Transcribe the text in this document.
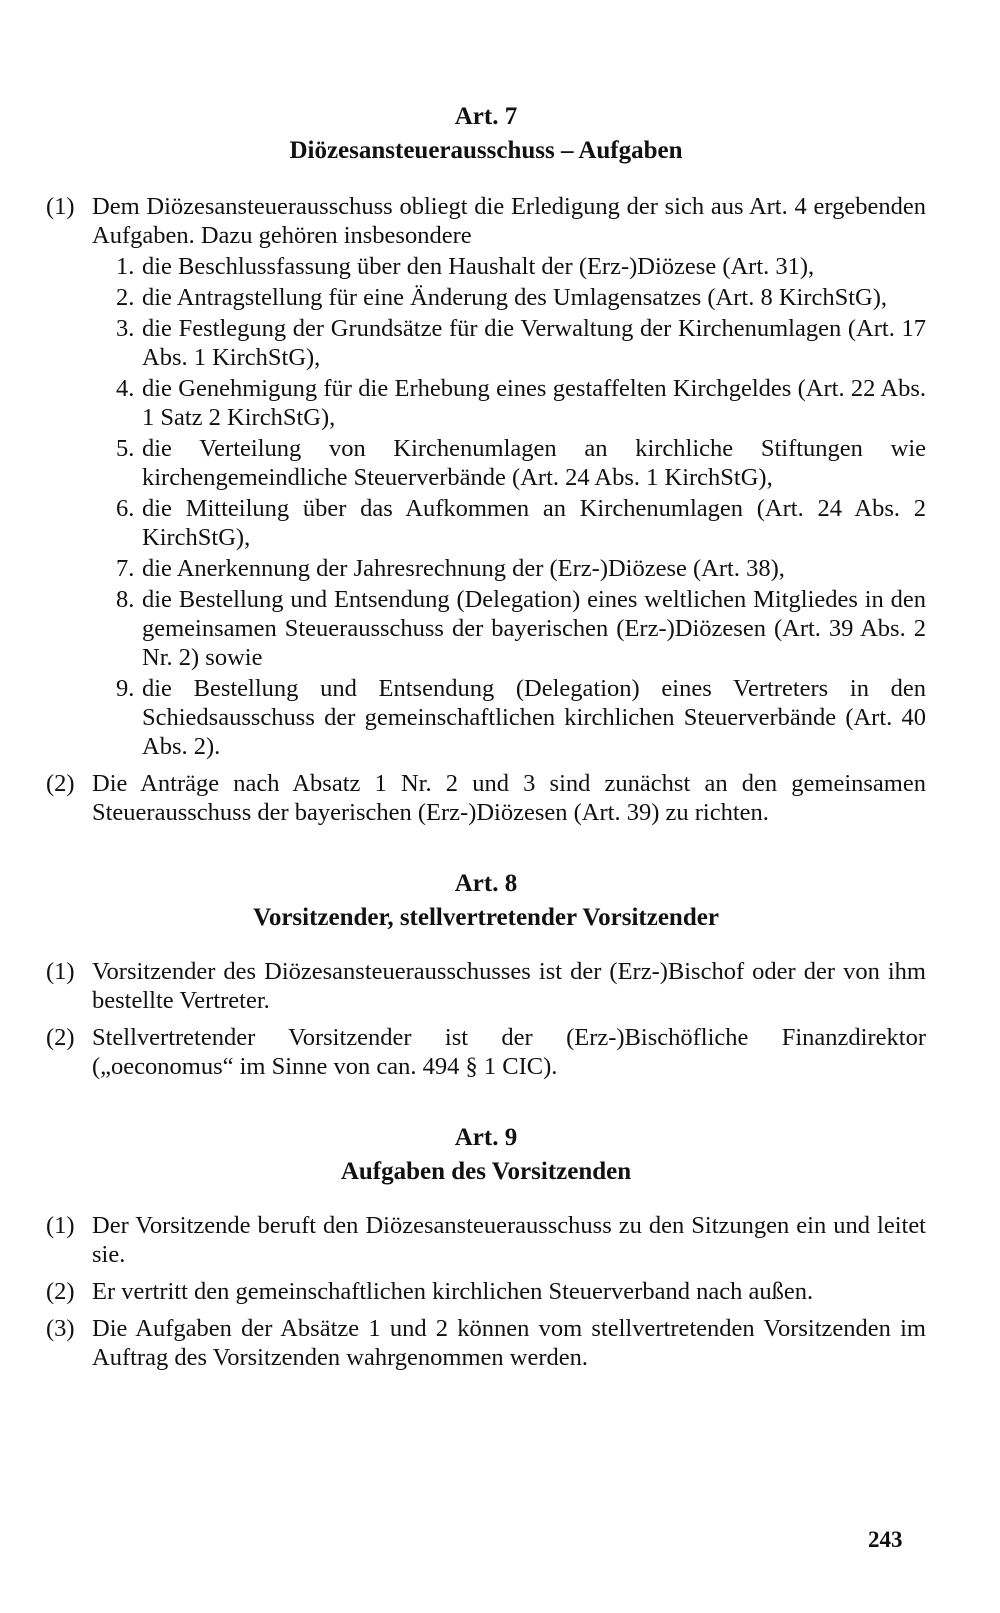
Art. 7
Diözesansteuerausschuss – Aufgaben
(1) Dem Diözesansteuerausschuss obliegt die Erledigung der sich aus Art. 4 ergebenden Aufgaben. Dazu gehören insbesondere
1. die Beschlussfassung über den Haushalt der (Erz-)Diözese (Art. 31),
2. die Antragstellung für eine Änderung des Umlagensatzes (Art. 8 KirchStG),
3. die Festlegung der Grundsätze für die Verwaltung der Kirchenumlagen (Art. 17 Abs. 1 KirchStG),
4. die Genehmigung für die Erhebung eines gestaffelten Kirchgeldes (Art. 22 Abs. 1 Satz 2 KirchStG),
5. die Verteilung von Kirchenumlagen an kirchliche Stiftungen wie kirchengemeindliche Steuerverbände (Art. 24 Abs. 1 KirchStG),
6. die Mitteilung über das Aufkommen an Kirchenumlagen (Art. 24 Abs. 2 KirchStG),
7. die Anerkennung der Jahresrechnung der (Erz-)Diözese (Art. 38),
8. die Bestellung und Entsendung (Delegation) eines weltlichen Mitgliedes in den gemeinsamen Steuerausschuss der bayerischen (Erz-)Diözesen (Art. 39 Abs. 2 Nr. 2) sowie
9. die Bestellung und Entsendung (Delegation) eines Vertreters in den Schiedsausschuss der gemeinschaftlichen kirchlichen Steuerverbände (Art. 40 Abs. 2).
(2) Die Anträge nach Absatz 1 Nr. 2 und 3 sind zunächst an den gemeinsamen Steuerausschuss der bayerischen (Erz-)Diözesen (Art. 39) zu richten.
Art. 8
Vorsitzender, stellvertretender Vorsitzender
(1) Vorsitzender des Diözesansteuerausschusses ist der (Erz-)Bischof oder der von ihm bestellte Vertreter.
(2) Stellvertretender Vorsitzender ist der (Erz-)Bischöfliche Finanzdirektor („oeconomus“ im Sinne von can. 494 § 1 CIC).
Art. 9
Aufgaben des Vorsitzenden
(1) Der Vorsitzende beruft den Diözesansteuerausschuss zu den Sitzungen ein und leitet sie.
(2) Er vertritt den gemeinschaftlichen kirchlichen Steuerverband nach außen.
(3) Die Aufgaben der Absätze 1 und 2 können vom stellvertretenden Vorsitzenden im Auftrag des Vorsitzenden wahrgenommen werden.
243
